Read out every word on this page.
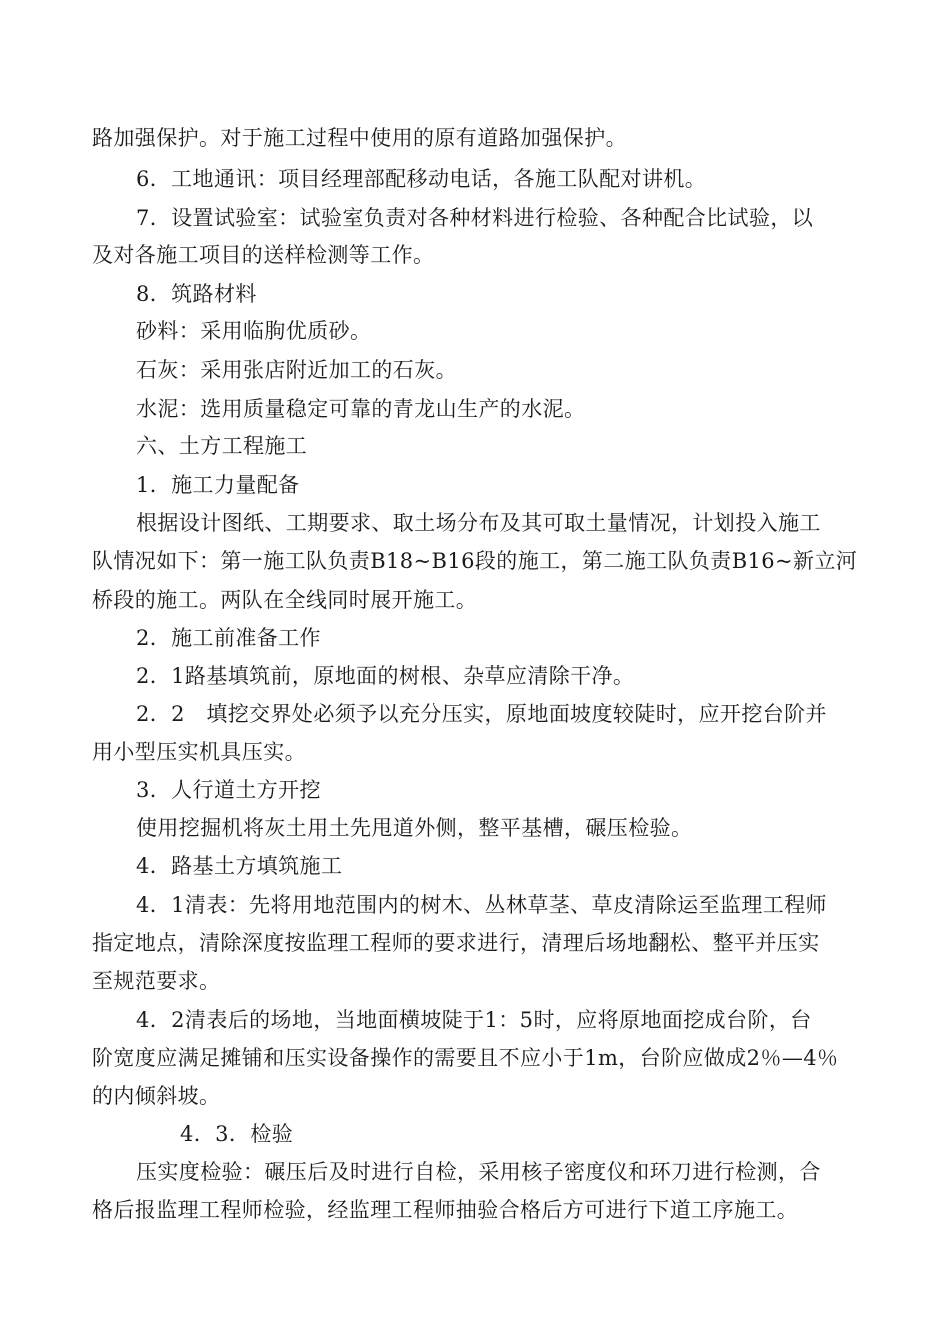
路加强保护。对于施工过程中使用的原有道路加强保护。
6．工地通讯：项目经理部配移动电话，各施工队配对讲机。
7．设置试验室：试验室负责对各种材料进行检验、各种配合比试验，以
及对各施工项目的送样检测等工作。
8．筑路材料
砂料：采用临朐优质砂。
石灰：采用张店附近加工的石灰。
水泥：选用质量稳定可靠的青龙山生产的水泥。
六、土方工程施工
1．施工力量配备
根据设计图纸、工期要求、取土场分布及其可取土量情况，计划投入施工
队情况如下：第一施工队负责B18~B16段的施工，第二施工队负责B16~新立河
桥段的施工。两队在全线同时展开施工。
2．施工前准备工作
2．1路基填筑前，原地面的树根、杂草应清除干净。
2．2　填挖交界处必须予以充分压实，原地面坡度较陡时，应开挖台阶并
用小型压实机具压实。
3．人行道土方开挖
使用挖掘机将灰土用土先甩道外侧，整平基槽，碾压检验。
4．路基土方填筑施工
4．1清表：先将用地范围内的树木、丛林草茎、草皮清除运至监理工程师
指定地点，清除深度按监理工程师的要求进行，清理后场地翻松、整平并压实
至规范要求。
4．2清表后的场地，当地面横坡陡于1：5时，应将原地面挖成台阶，台
阶宽度应满足摊铺和压实设备操作的需要且不应小于1m，台阶应做成2％—4％
的内倾斜坡。
4．3．检验
压实度检验：碾压后及时进行自检，采用核子密度仪和环刀进行检测，合
格后报监理工程师检验，经监理工程师抽验合格后方可进行下道工序施工。
